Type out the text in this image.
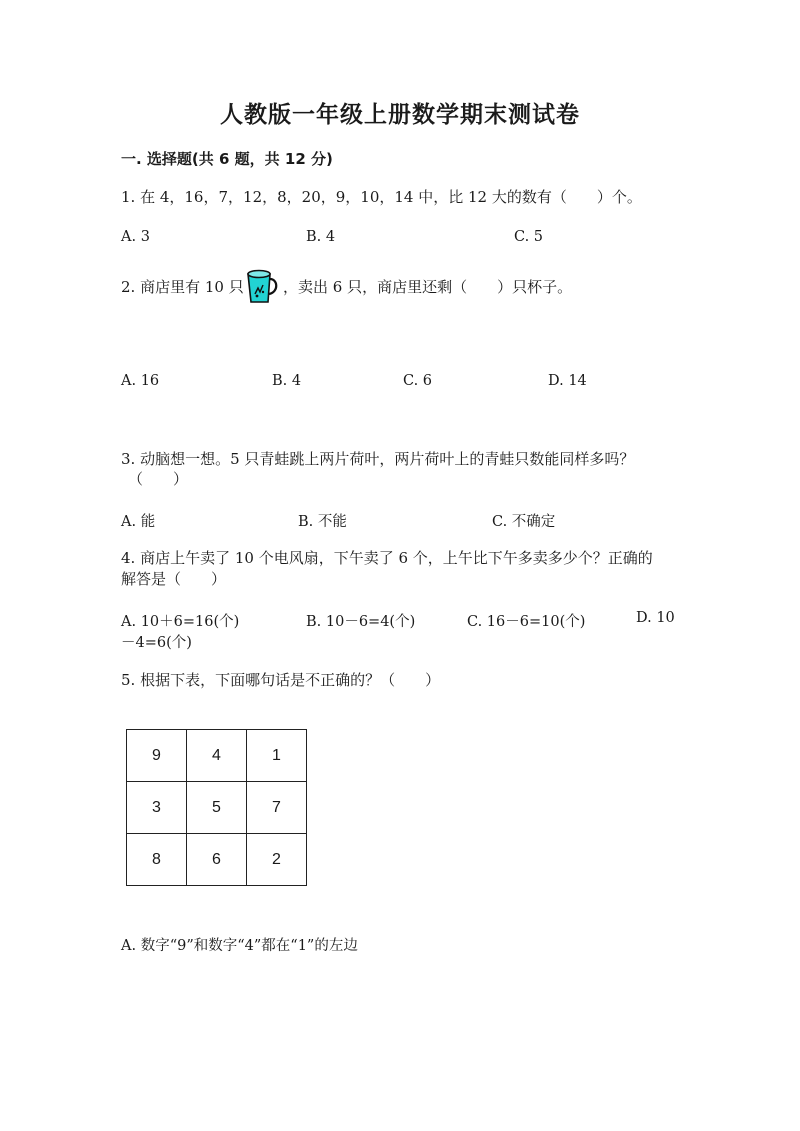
人教版一年级上册数学期末测试卷
一. 选择题(共 6 题，共 12 分)
1. 在 4，16，7，12，8，20，9，10，14 中，比 12 大的数有（　　）个。
A. 3	B. 4	C. 5
2. 商店里有 10 只	，卖出 6 只，商店里还剩（　　）只杯子。
A. 16	B. 4	C. 6	D. 14
3. 动脑想一想。5 只青蛙跳上两片荷叶，两片荷叶上的青蛙只数能同样多吗？
（　　）
A. 能	B. 不能	C. 不确定
4. 商店上午卖了 10 个电风扇，下午卖了 6 个，上午比下午多卖多少个？正确的
解答是（　　）
A. 10＋6=16(个)	B. 10－6=4(个)	C. 16－6=10(个)	D. 10
－4=6(个)
5. 根据下表，下面哪句话是不正确的？（　　）
9	4	1
3	5	7
8	6	2
A. 数字“9”和数字“4”都在“1”的左边
